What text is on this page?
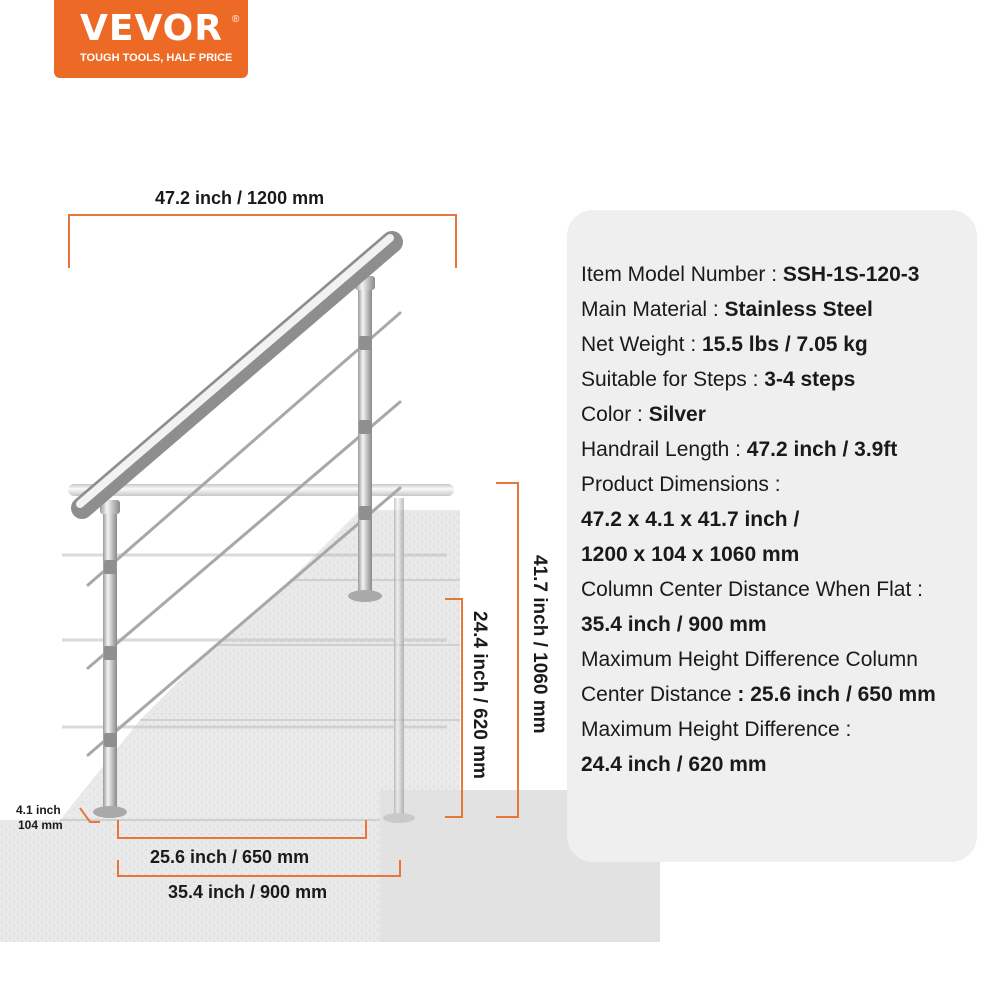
VEVOR ®
TOUGH TOOLS, HALF PRICE
47.2 inch / 1200 mm
41.7 inch / 1060 mm
24.4 inch / 620 mm
4.1 inch
104 mm
25.6 inch / 650 mm
35.4 inch / 900 mm
Item Model Number : SSH-1S-120-3
Main Material : Stainless Steel
Net Weight : 15.5 lbs / 7.05 kg
Suitable for Steps : 3-4 steps
Color : Silver
Handrail Length : 47.2 inch / 3.9ft
Product Dimensions :
47.2 x 4.1 x 41.7 inch /
1200 x 104 x 1060 mm
Column Center Distance When Flat :
35.4 inch / 900 mm
Maximum Height Difference Column
Center Distance : 25.6 inch / 650 mm
Maximum Height Difference :
24.4 inch / 620 mm
